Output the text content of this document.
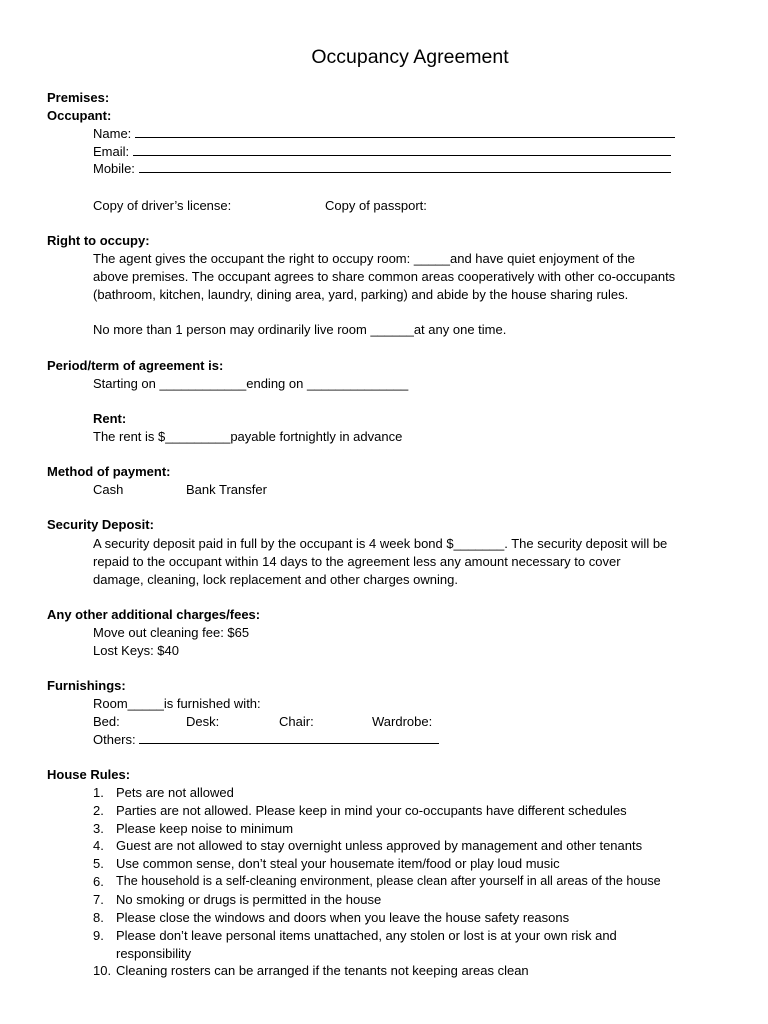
Occupancy Agreement
Premises:
Occupant:
Name:
Email:
Mobile:
Copy of driver’s license:	Copy of passport:
Right to occupy:
The agent gives the occupant the right to occupy room: _____and have quiet enjoyment of the
above premises. The occupant agrees to share common areas cooperatively with other co-occupants
(bathroom, kitchen, laundry, dining area, yard, parking) and abide by the house sharing rules.
No more than 1 person may ordinarily live room ______at any one time.
Period/term of agreement is:
Starting on ____________ending on ______________
Rent:
The rent is $_________payable fortnightly in advance
Method of payment:
Cash	Bank Transfer
Security Deposit:
A security deposit paid in full by the occupant is 4 week bond $_______. The security deposit will be
repaid to the occupant within 14 days to the agreement less any amount necessary to cover
damage, cleaning, lock replacement and other charges owning.
Any other additional charges/fees:
Move out cleaning fee: $65
Lost Keys: $40
Furnishings:
Room_____is furnished with:
Bed:	Desk:	Chair:	Wardrobe:
Others:
House Rules:
1. Pets are not allowed
2. Parties are not allowed. Please keep in mind your co-occupants have different schedules
3. Please keep noise to minimum
4. Guest are not allowed to stay overnight unless approved by management and other tenants
5. Use common sense, don’t steal your housemate item/food or play loud music
6. The household is a self-cleaning environment, please clean after yourself in all areas of the house
7. No smoking or drugs is permitted in the house
8. Please close the windows and doors when you leave the house safety reasons
9. Please don’t leave personal items unattached, any stolen or lost is at your own risk and
responsibility
10. Cleaning rosters can be arranged if the tenants not keeping areas clean
